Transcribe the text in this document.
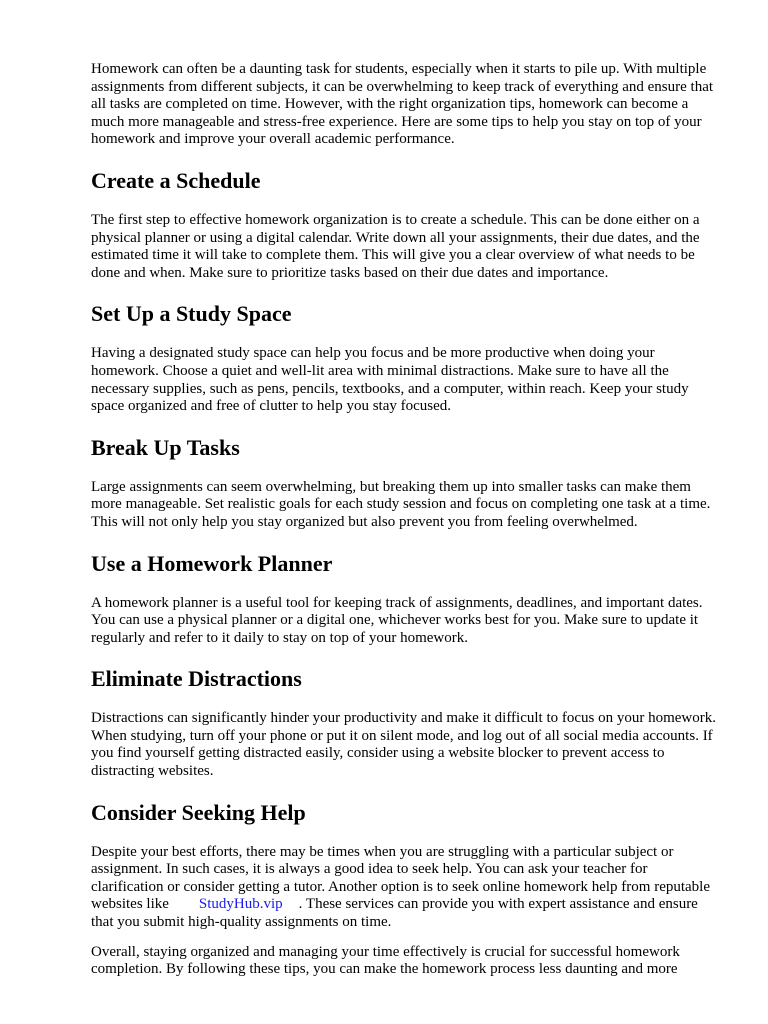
Homework can often be a daunting task for students, especially when it starts to pile up. With multiple assignments from different subjects, it can be overwhelming to keep track of everything and ensure that all tasks are completed on time. However, with the right organization tips, homework can become a much more manageable and stress-free experience. Here are some tips to help you stay on top of your homework and improve your overall academic performance.

Create a Schedule

The first step to effective homework organization is to create a schedule. This can be done either on a physical planner or using a digital calendar. Write down all your assignments, their due dates, and the estimated time it will take to complete them. This will give you a clear overview of what needs to be done and when. Make sure to prioritize tasks based on their due dates and importance.

Set Up a Study Space

Having a designated study space can help you focus and be more productive when doing your homework. Choose a quiet and well-lit area with minimal distractions. Make sure to have all the necessary supplies, such as pens, pencils, textbooks, and a computer, within reach. Keep your study space organized and free of clutter to help you stay focused.

Break Up Tasks

Large assignments can seem overwhelming, but breaking them up into smaller tasks can make them more manageable. Set realistic goals for each study session and focus on completing one task at a time. This will not only help you stay organized but also prevent you from feeling overwhelmed.

Use a Homework Planner

A homework planner is a useful tool for keeping track of assignments, deadlines, and important dates. You can use a physical planner or a digital one, whichever works best for you. Make sure to update it regularly and refer to it daily to stay on top of your homework.

Eliminate Distractions

Distractions can significantly hinder your productivity and make it difficult to focus on your homework. When studying, turn off your phone or put it on silent mode, and log out of all social media accounts. If you find yourself getting distracted easily, consider using a website blocker to prevent access to distracting websites.

Consider Seeking Help

Despite your best efforts, there may be times when you are struggling with a particular subject or assignment. In such cases, it is always a good idea to seek help. You can ask your teacher for clarification or consider getting a tutor. Another option is to seek online homework help from reputable websites like StudyHub.vip . These services can provide you with expert assistance and ensure that you submit high-quality assignments on time.

Overall, staying organized and managing your time effectively is crucial for successful homework completion. By following these tips, you can make the homework process less daunting and more
